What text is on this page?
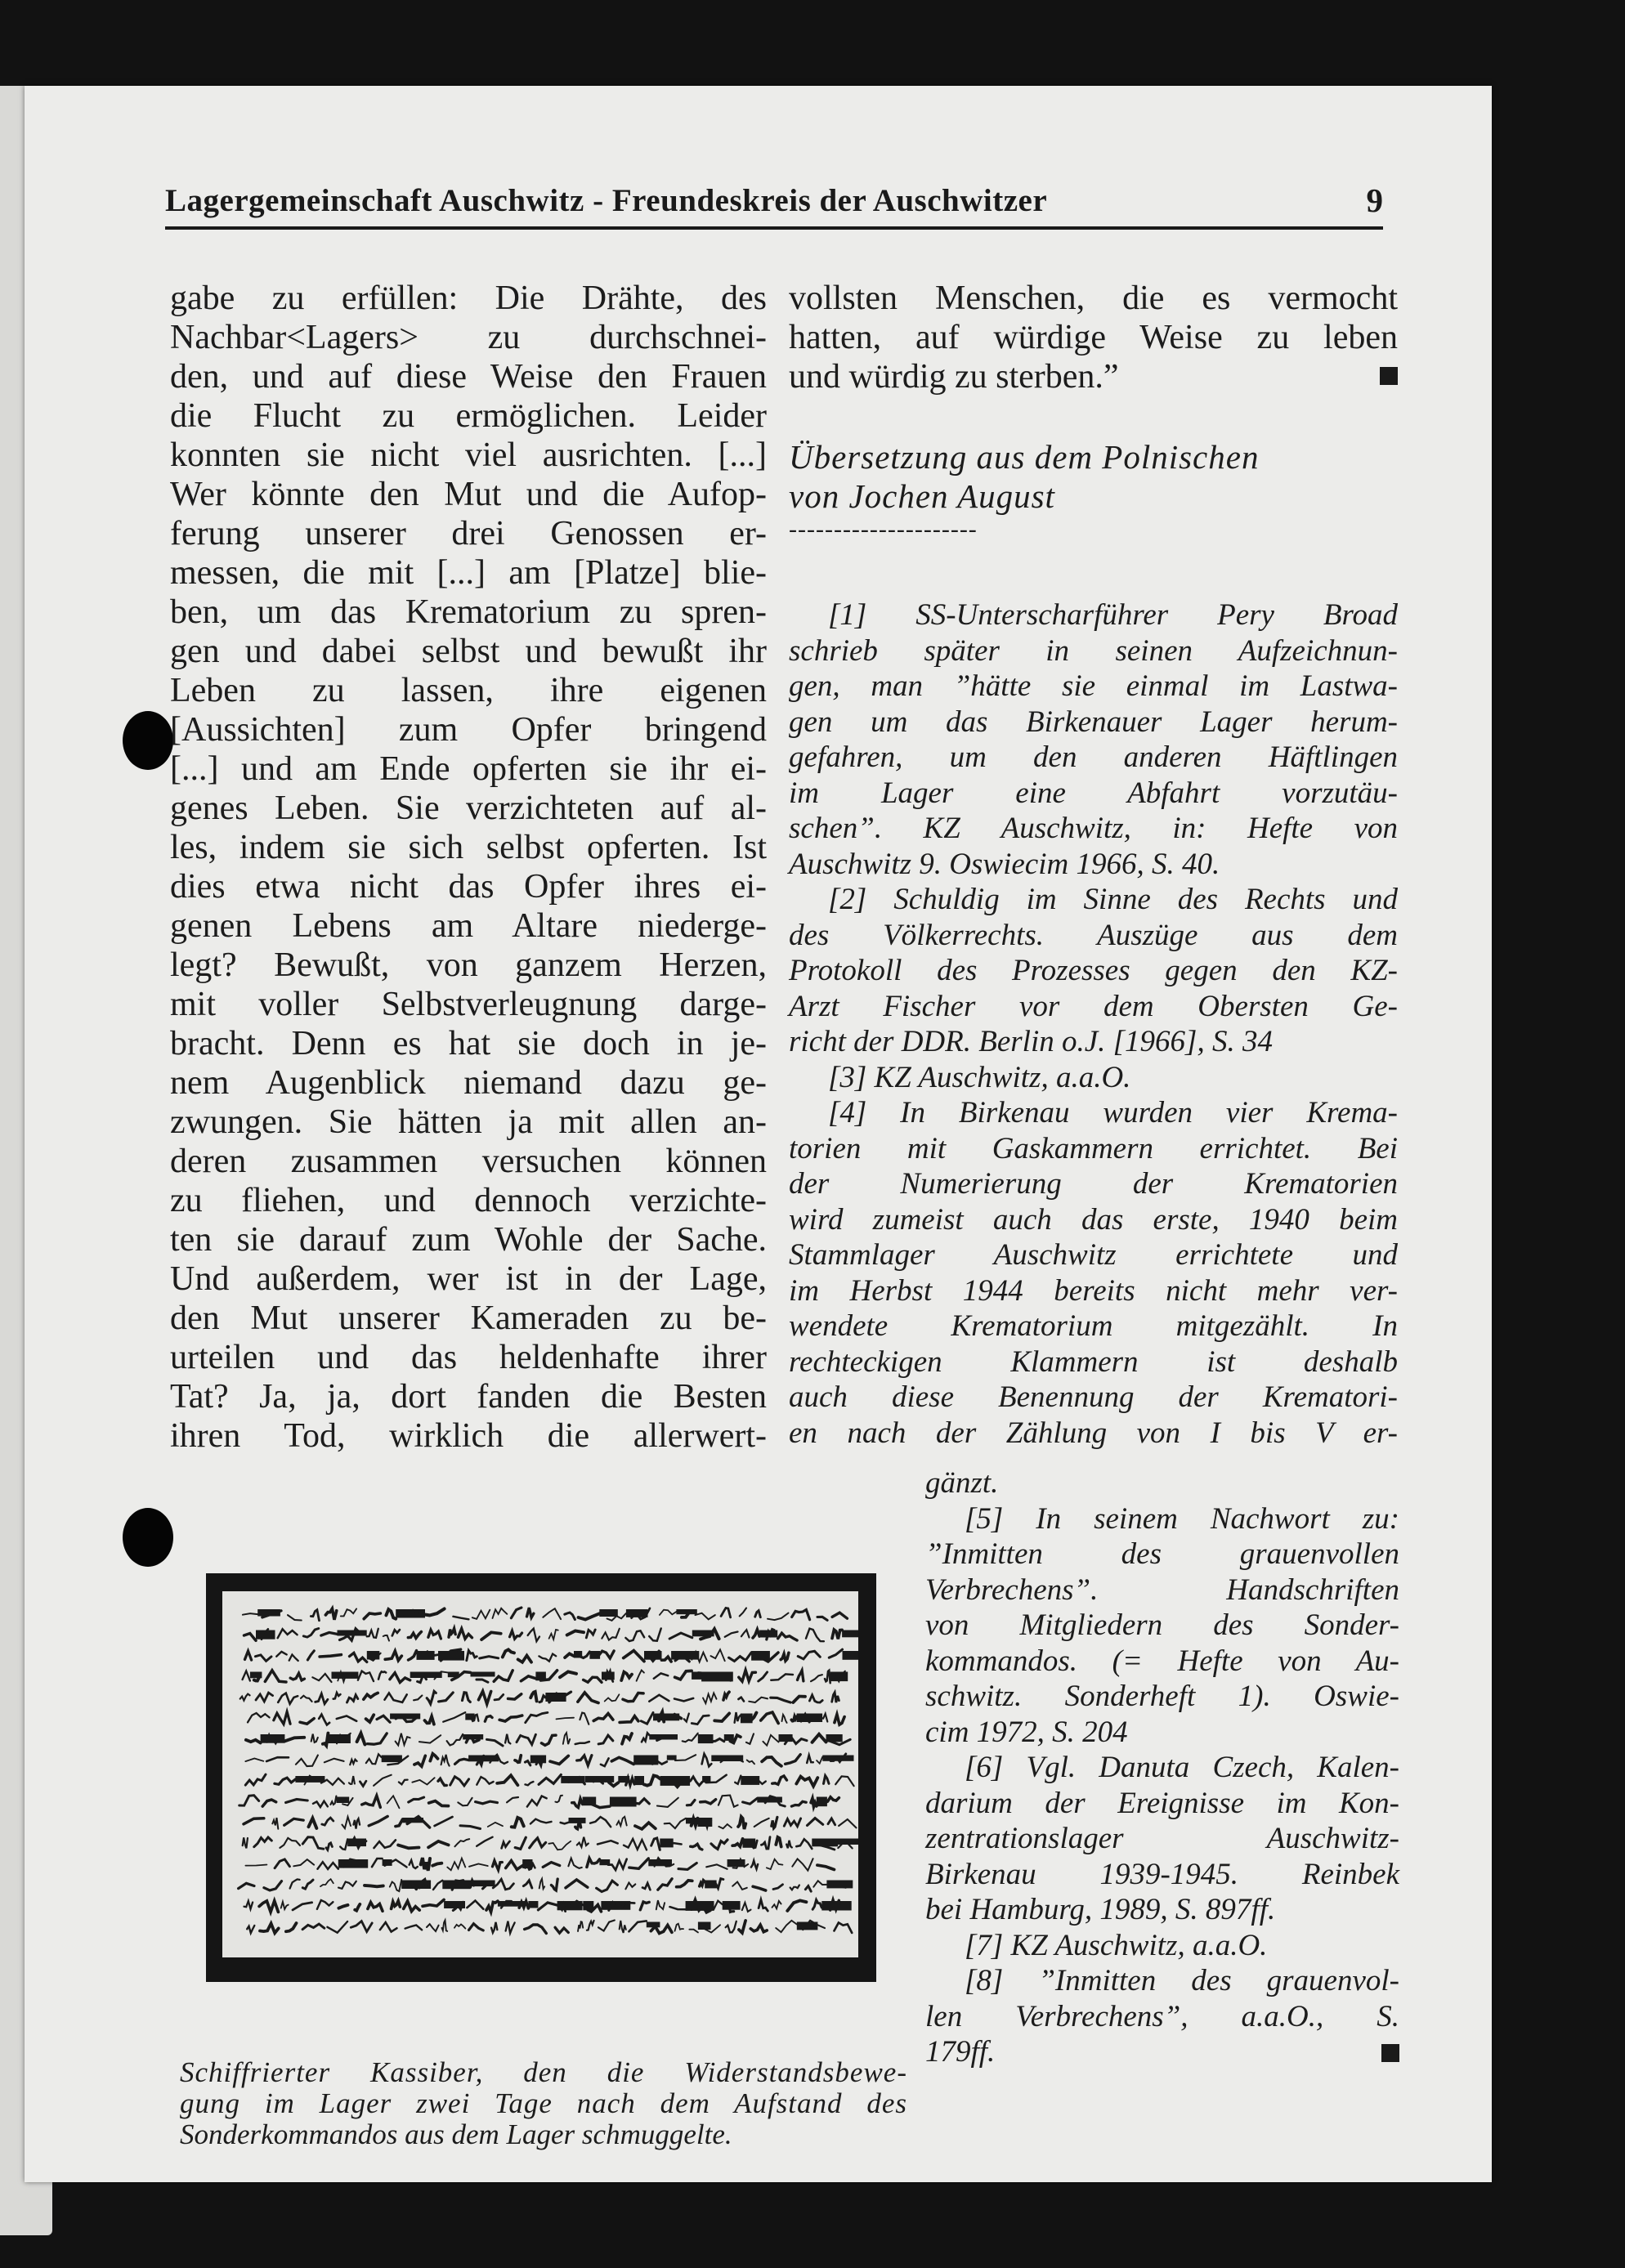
Lagergemeinschaft Auschwitz - Freundeskreis der Auschwitzer	9
gabe zu erfüllen: Die Drähte, des
Nachbar<Lagers> zu durchschnei-
den, und auf diese Weise den Frauen
die Flucht zu ermöglichen. Leider
konnten sie nicht viel ausrichten. [...]
Wer könnte den Mut und die Aufop-
ferung unserer drei Genossen er-
messen, die mit [...] am [Platze] blie-
ben, um das Krematorium zu spren-
gen und dabei selbst und bewußt ihr
Leben zu lassen, ihre eigenen
[Aussichten] zum Opfer bringend
[...] und am Ende opferten sie ihr ei-
genes Leben. Sie verzichteten auf al-
les, indem sie sich selbst opferten. Ist
dies etwa nicht das Opfer ihres ei-
genen Lebens am Altare niederge-
legt? Bewußt, von ganzem Herzen,
mit voller Selbstverleugnung darge-
bracht. Denn es hat sie doch in je-
nem Augenblick niemand dazu ge-
zwungen. Sie hätten ja mit allen an-
deren zusammen versuchen können
zu fliehen, und dennoch verzichte-
ten sie darauf zum Wohle der Sache.
Und außerdem, wer ist in der Lage,
den Mut unserer Kameraden zu be-
urteilen und das heldenhafte ihrer
Tat? Ja, ja, dort fanden die Besten
ihren Tod, wirklich die allerwert-
vollsten Menschen, die es vermocht
hatten, auf würdige Weise zu leben
und würdig zu sterben.”
Übersetzung aus dem Polnischen
von Jochen August
---------------------
[1] SS-Unterscharführer Pery Broad
schrieb später in seinen Aufzeichnun-
gen, man ”hätte sie einmal im Lastwa-
gen um das Birkenauer Lager herum-
gefahren, um den anderen Häftlingen
im Lager eine Abfahrt vorzutäu-
schen”. KZ Auschwitz, in: Hefte von
Auschwitz 9. Oswiecim 1966, S. 40.
[2] Schuldig im Sinne des Rechts und
des Völkerrechts. Auszüge aus dem
Protokoll des Prozesses gegen den KZ-
Arzt Fischer vor dem Obersten Ge-
richt der DDR. Berlin o.J. [1966], S. 34
[3] KZ Auschwitz, a.a.O.
[4] In Birkenau wurden vier Krema-
torien mit Gaskammern errichtet. Bei
der Numerierung der Krematorien
wird zumeist auch das erste, 1940 beim
Stammlager Auschwitz errichtete und
im Herbst 1944 bereits nicht mehr ver-
wendete Krematorium mitgezählt. In
rechteckigen Klammern ist deshalb
auch diese Benennung der Krematori-
en nach der Zählung von I bis V er-
gänzt.
[5] In seinem Nachwort zu:
”Inmitten des grauenvollen
Verbrechens”. Handschriften
von Mitgliedern des Sonder-
kommandos. (= Hefte von Au-
schwitz. Sonderheft 1). Oswie-
cim 1972, S. 204
[6] Vgl. Danuta Czech, Kalen-
darium der Ereignisse im Kon-
zentrationslager Auschwitz-
Birkenau 1939-1945. Reinbek
bei Hamburg, 1989, S. 897ff.
[7] KZ Auschwitz, a.a.O.
[8] ”Inmitten des grauenvol-
len Verbrechens”, a.a.O., S.
179ff.
Schiffrierter Kassiber, den die Widerstandsbewe-
gung im Lager zwei Tage nach dem Aufstand des
Sonderkommandos aus dem Lager schmuggelte.
